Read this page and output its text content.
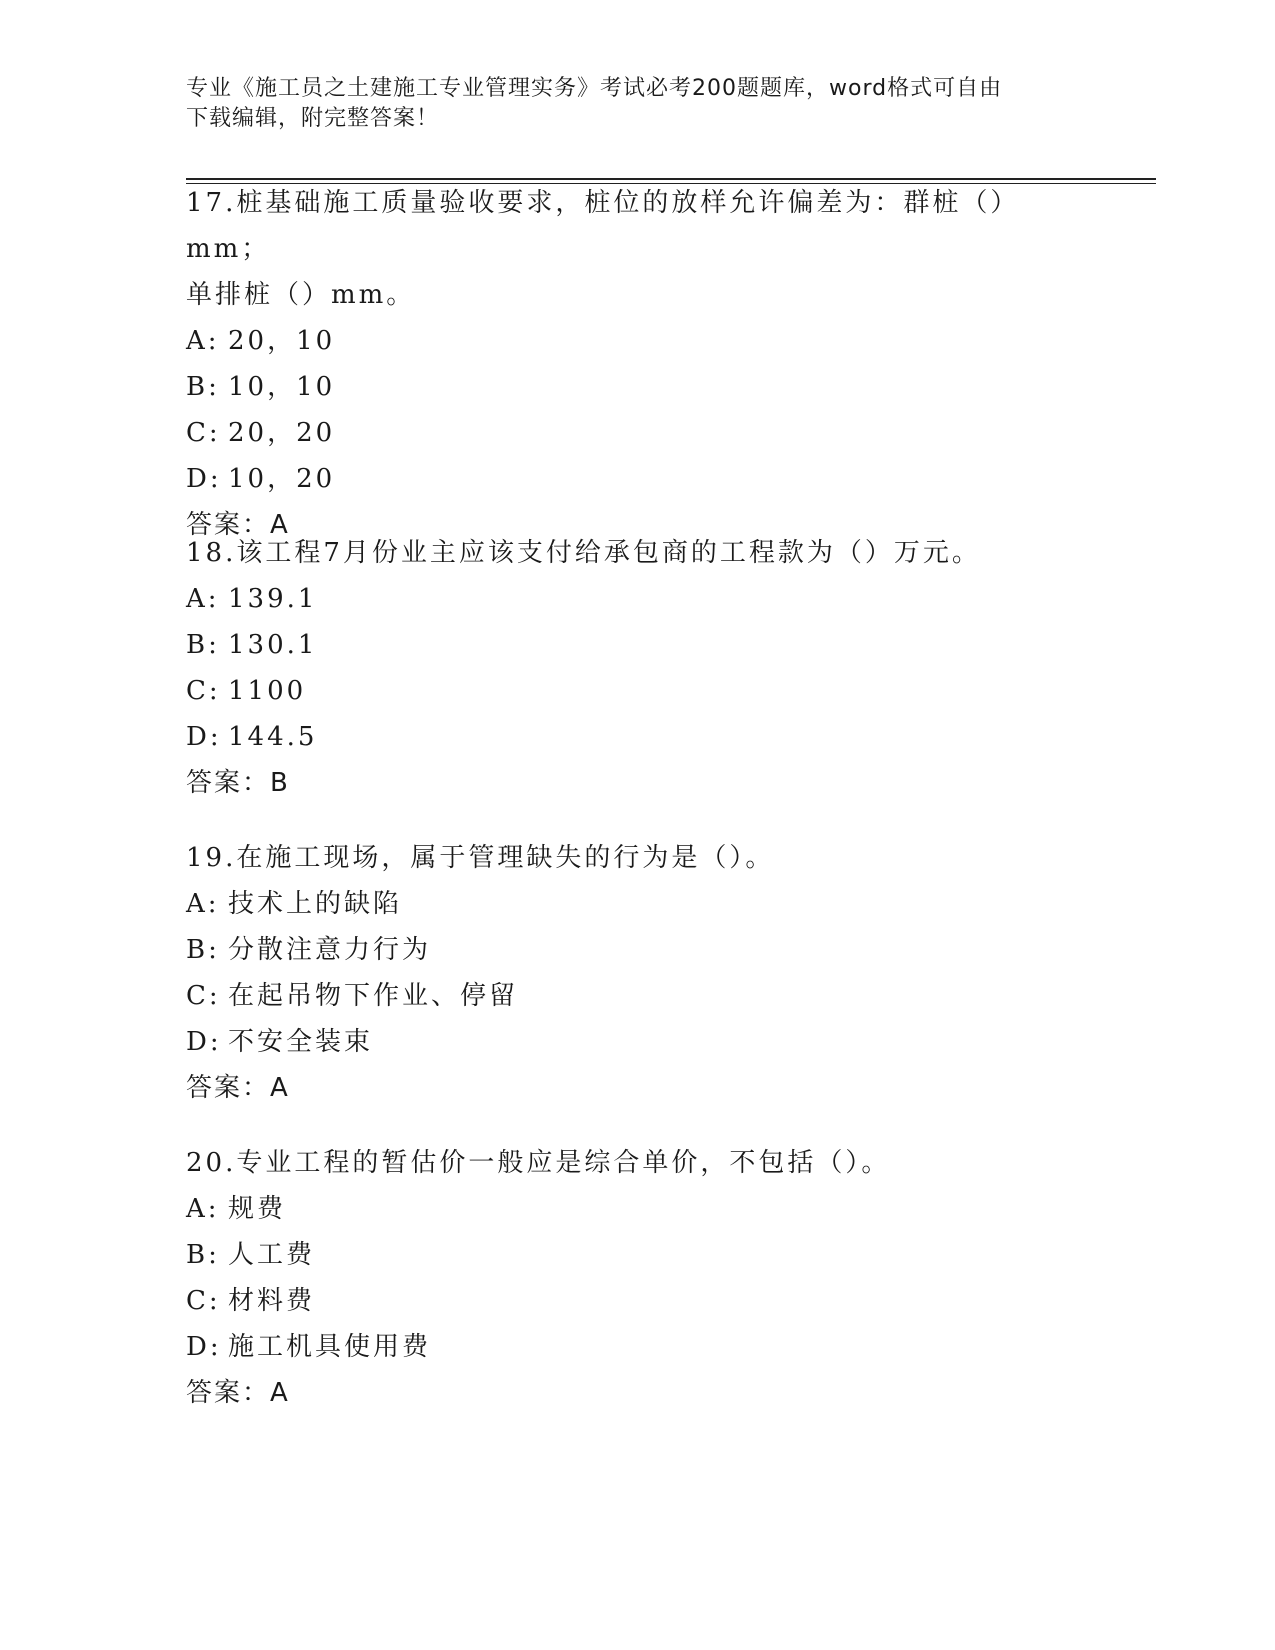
专业《施工员之土建施工专业管理实务》考试必考200题题库，word格式可自由
下载编辑，附完整答案！

17.桩基础施工质量验收要求，桩位的放样允许偏差为：群桩（）mm；

单排桩（）mm。

A: 20，10

B: 10，10

C: 20，20

D: 10，20

答案：A

18.该工程7月份业主应该支付给承包商的工程款为（）万元。

A: 139.1

B: 130.1

C: 1100

D: 144.5

答案：B

19.在施工现场，属于管理缺失的行为是（）。

A: 技术上的缺陷

B: 分散注意力行为

C: 在起吊物下作业、停留

D: 不安全装束

答案：A

20.专业工程的暂估价一般应是综合单价，不包括（）。

A: 规费

B: 人工费

C: 材料费

D: 施工机具使用费

答案：A
